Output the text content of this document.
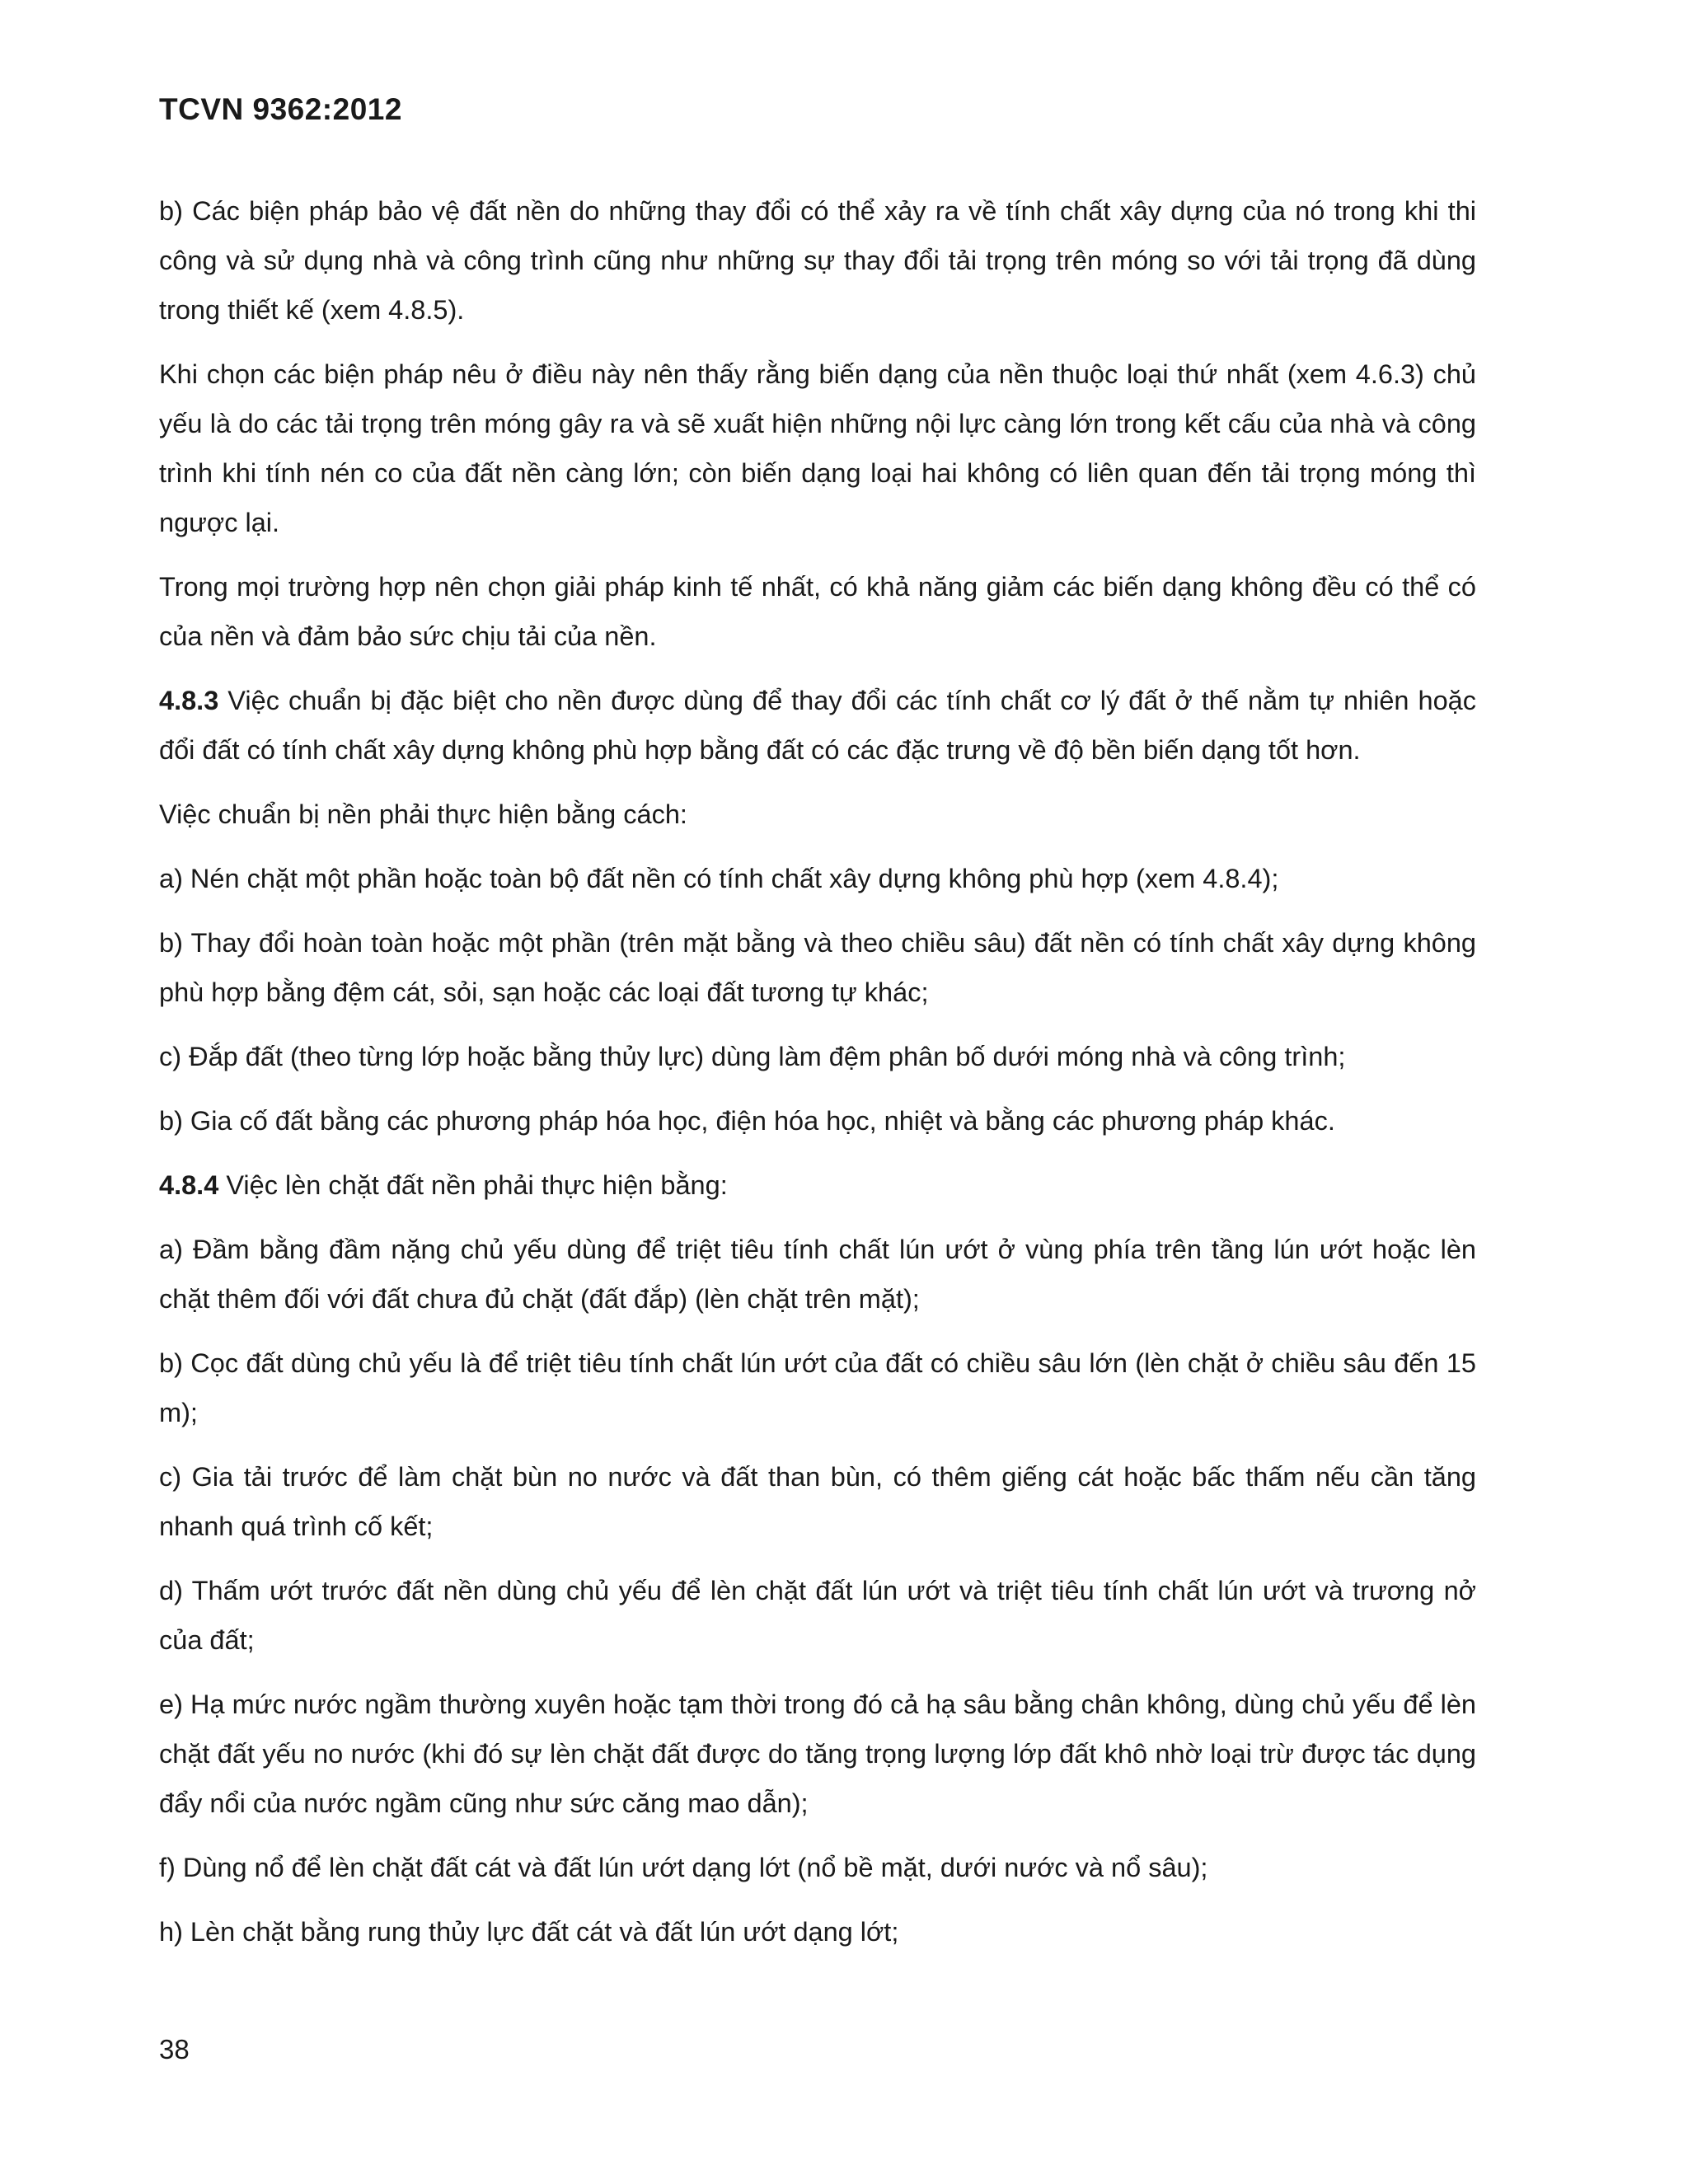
TCVN 9362:2012

b) Các biện pháp bảo vệ đất nền do những thay đổi có thể xảy ra về tính chất xây dựng của nó trong khi thi công và sử dụng nhà và công trình cũng như những sự thay đổi tải trọng trên móng so với tải trọng đã dùng trong thiết kế (xem 4.8.5).

Khi chọn các biện pháp nêu ở điều này nên thấy rằng biến dạng của nền thuộc loại thứ nhất (xem 4.6.3) chủ yếu là do các tải trọng trên móng gây ra và sẽ xuất hiện những nội lực càng lớn trong kết cấu của nhà và công trình khi tính nén co của đất nền càng lớn; còn biến dạng loại hai không có liên quan đến tải trọng móng thì ngược lại.

Trong mọi trường hợp nên chọn giải pháp kinh tế nhất, có khả năng giảm các biến dạng không đều có thể có của nền và đảm bảo sức chịu tải của nền.

4.8.3 Việc chuẩn bị đặc biệt cho nền được dùng để thay đổi các tính chất cơ lý đất ở thế nằm tự nhiên hoặc đổi đất có tính chất xây dựng không phù hợp bằng đất có các đặc trưng về độ bền biến dạng tốt hơn.

Việc chuẩn bị nền phải thực hiện bằng cách:

a) Nén chặt một phần hoặc toàn bộ đất nền có tính chất xây dựng không phù hợp (xem 4.8.4);

b) Thay đổi hoàn toàn hoặc một phần (trên mặt bằng và theo chiều sâu) đất nền có tính chất xây dựng không phù hợp bằng đệm cát, sỏi, sạn hoặc các loại đất tương tự khác;

c) Đắp đất (theo từng lớp hoặc bằng thủy lực) dùng làm đệm phân bố dưới móng nhà và công trình;

b) Gia cố đất bằng các phương pháp hóa học, điện hóa học, nhiệt và bằng các phương pháp khác.

4.8.4 Việc lèn chặt đất nền phải thực hiện bằng:

a) Đầm bằng đầm nặng chủ yếu dùng để triệt tiêu tính chất lún ướt ở vùng phía trên tầng lún ướt hoặc lèn chặt thêm đối với đất chưa đủ chặt (đất đắp) (lèn chặt trên mặt);

b) Cọc đất dùng chủ yếu là để triệt tiêu tính chất lún ướt của đất có chiều sâu lớn (lèn chặt ở chiều sâu đến 15 m);

c) Gia tải trước để làm chặt bùn no nước và đất than bùn, có thêm giếng cát hoặc bấc thấm nếu cần tăng nhanh quá trình cố kết;

d) Thấm ướt trước đất nền dùng chủ yếu để lèn chặt đất lún ướt và triệt tiêu tính chất lún ướt và trương nở của đất;

e) Hạ mức nước ngầm thường xuyên hoặc tạm thời trong đó cả hạ sâu bằng chân không, dùng chủ yếu để lèn chặt đất yếu no nước (khi đó sự lèn chặt đất được do tăng trọng lượng lớp đất khô nhờ loại trừ được tác dụng đẩy nổi của nước ngầm cũng như sức căng mao dẫn);

f) Dùng nổ để lèn chặt đất cát và đất lún ướt dạng lớt (nổ bề mặt, dưới nước và nổ sâu);

h) Lèn chặt bằng rung thủy lực đất cát và đất lún ướt dạng lớt;

38
